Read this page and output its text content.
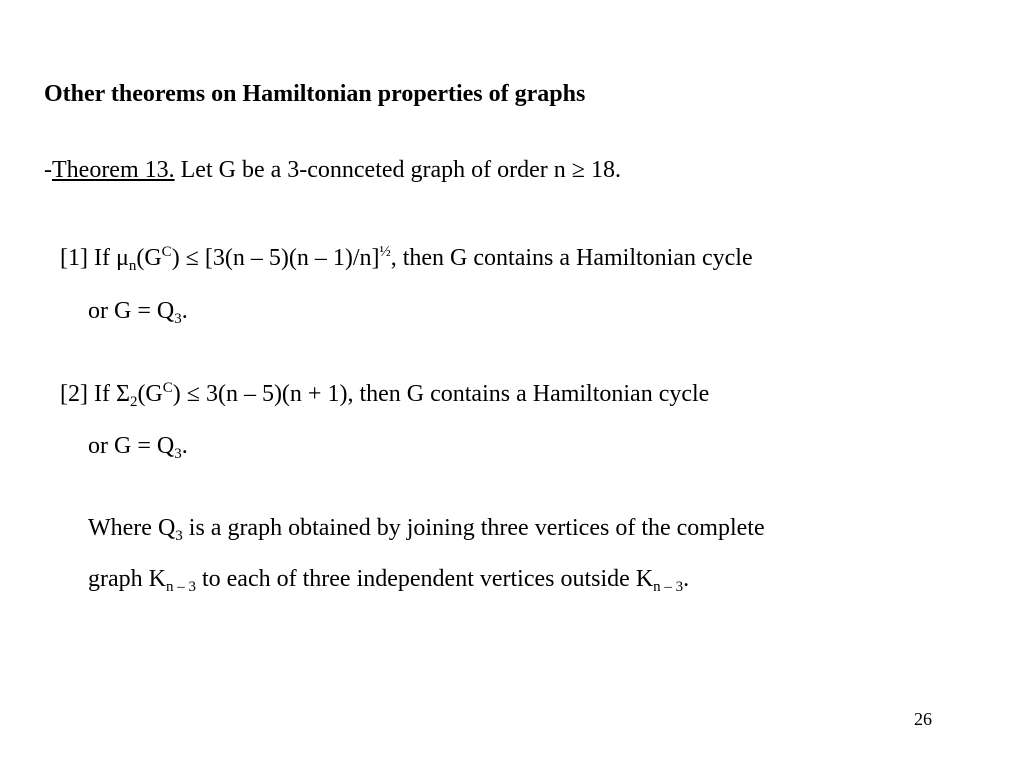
Other theorems on Hamiltonian properties of graphs
-Theorem 13. Let G be a 3-connceted graph of order n ≥ 18.
[1] If $\mu_n(G^C) \le [3(n - 5)(n - 1)/n]^{\frac{1}{2}}$, then G contains a Hamiltonian cycle
or $G = Q_3$.
[2] If $\Sigma_2(G^C) \le 3(n - 5)(n + 1)$, then G contains a Hamiltonian cycle
or $G = Q_3$.
Where $Q_3$ is a graph obtained by joining three vertices of the complete
graph $K_{n - 3}$ to each of three independent vertices outside $K_{n - 3}$.
26
